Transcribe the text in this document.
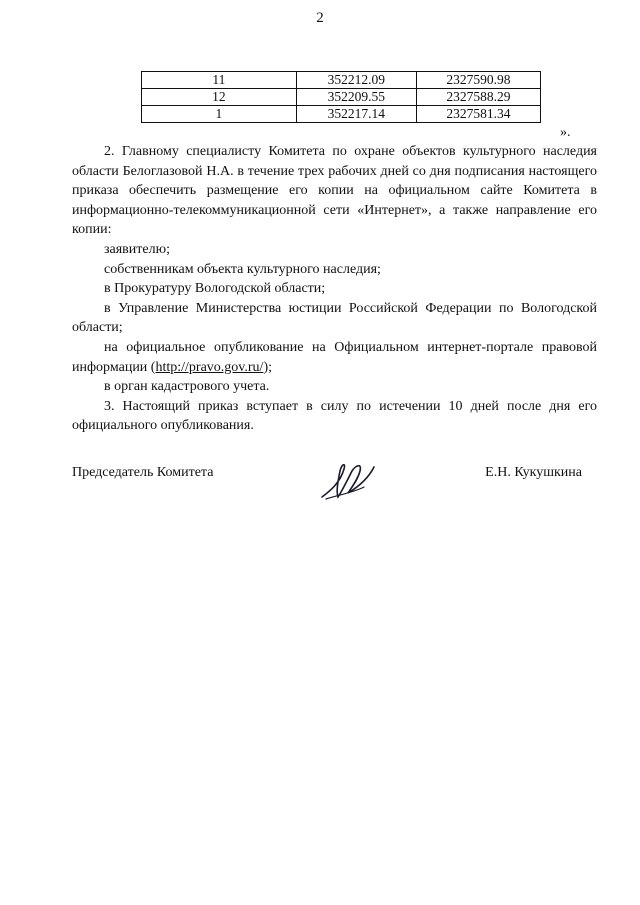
2
11	352212.09	2327590.98
12	352209.55	2327588.29
1	352217.14	2327581.34
».

2. Главному специалисту Комитета по охране объектов культурного наследия области Белоглазовой Н.А. в течение трех рабочих дней со дня подписания настоящего приказа обеспечить размещение его копии на официальном сайте Комитета в информационно-телекоммуникационной сети «Интернет», а также направление его копии:

заявителю;

собственникам объекта культурного наследия;

в Прокуратуру Вологодской области;

в Управление Министерства юстиции Российской Федерации по Вологодской области;

на официальное опубликование на Официальном интернет-портале правовой информации (http://pravo.gov.ru/);

в орган кадастрового учета.

3. Настоящий приказ вступает в силу по истечении 10 дней после дня его официального опубликования.

Председатель Комитета	Е.Н. Кукушкина
